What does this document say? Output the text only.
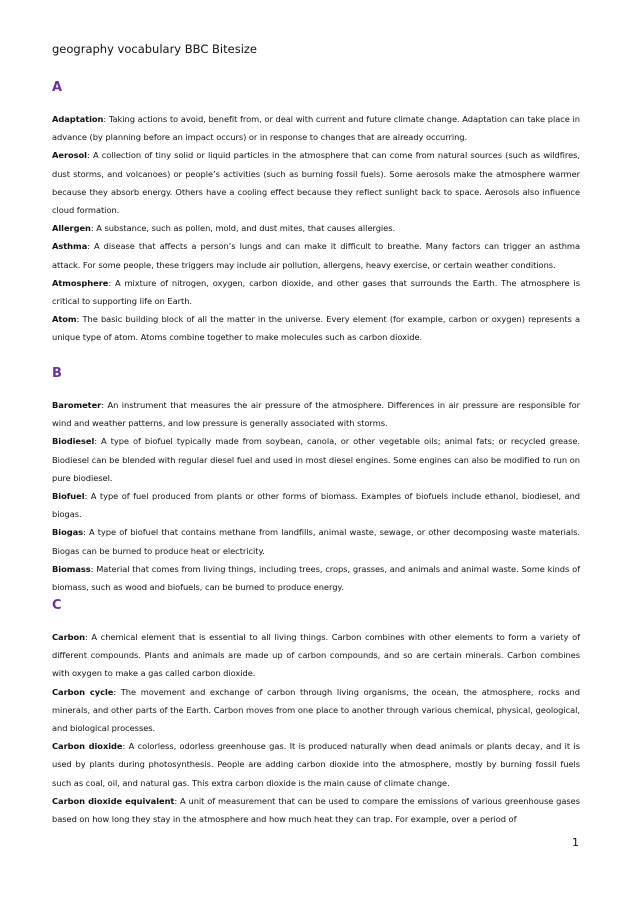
geography vocabulary BBC Bitesize
A

Adaptation: Taking actions to avoid, benefit from, or deal with current and future climate change. Adaptation can take place in advance (by planning before an impact occurs) or in response to changes that are already occurring.

Aerosol: A collection of tiny solid or liquid particles in the atmosphere that can come from natural sources (such as wildfires, dust storms, and volcanoes) or people’s activities (such as burning fossil fuels). Some aerosols make the atmosphere warmer because they absorb energy. Others have a cooling effect because they reflect sunlight back to space. Aerosols also influence cloud formation.

Allergen: A substance, such as pollen, mold, and dust mites, that causes allergies.

Asthma: A disease that affects a person’s lungs and can make it difficult to breathe. Many factors can trigger an asthma attack. For some people, these triggers may include air pollution, allergens, heavy exercise, or certain weather conditions.

Atmosphere: A mixture of nitrogen, oxygen, carbon dioxide, and other gases that surrounds the Earth. The atmosphere is critical to supporting life on Earth.

Atom: The basic building block of all the matter in the universe. Every element (for example, carbon or oxygen) represents a unique type of atom. Atoms combine together to make molecules such as carbon dioxide.

B

Barometer: An instrument that measures the air pressure of the atmosphere. Differences in air pressure are responsible for wind and weather patterns, and low pressure is generally associated with storms.

Biodiesel: A type of biofuel typically made from soybean, canola, or other vegetable oils; animal fats; or recycled grease. Biodiesel can be blended with regular diesel fuel and used in most diesel engines. Some engines can also be modified to run on pure biodiesel.

Biofuel: A type of fuel produced from plants or other forms of biomass. Examples of biofuels include ethanol, biodiesel, and biogas.

Biogas: A type of biofuel that contains methane from landfills, animal waste, sewage, or other decomposing waste materials. Biogas can be burned to produce heat or electricity.

Biomass: Material that comes from living things, including trees, crops, grasses, and animals and animal waste. Some kinds of biomass, such as wood and biofuels, can be burned to produce energy.

C

Carbon: A chemical element that is essential to all living things. Carbon combines with other elements to form a variety of different compounds. Plants and animals are made up of carbon compounds, and so are certain minerals. Carbon combines with oxygen to make a gas called carbon dioxide.

Carbon cycle: The movement and exchange of carbon through living organisms, the ocean, the atmosphere, rocks and minerals, and other parts of the Earth. Carbon moves from one place to another through various chemical, physical, geological, and biological processes.

Carbon dioxide: A colorless, odorless greenhouse gas. It is produced naturally when dead animals or plants decay, and it is used by plants during photosynthesis. People are adding carbon dioxide into the atmosphere, mostly by burning fossil fuels such as coal, oil, and natural gas. This extra carbon dioxide is the main cause of climate change.

Carbon dioxide equivalent: A unit of measurement that can be used to compare the emissions of various greenhouse gases based on how long they stay in the atmosphere and how much heat they can trap. For example, over a period of

1
